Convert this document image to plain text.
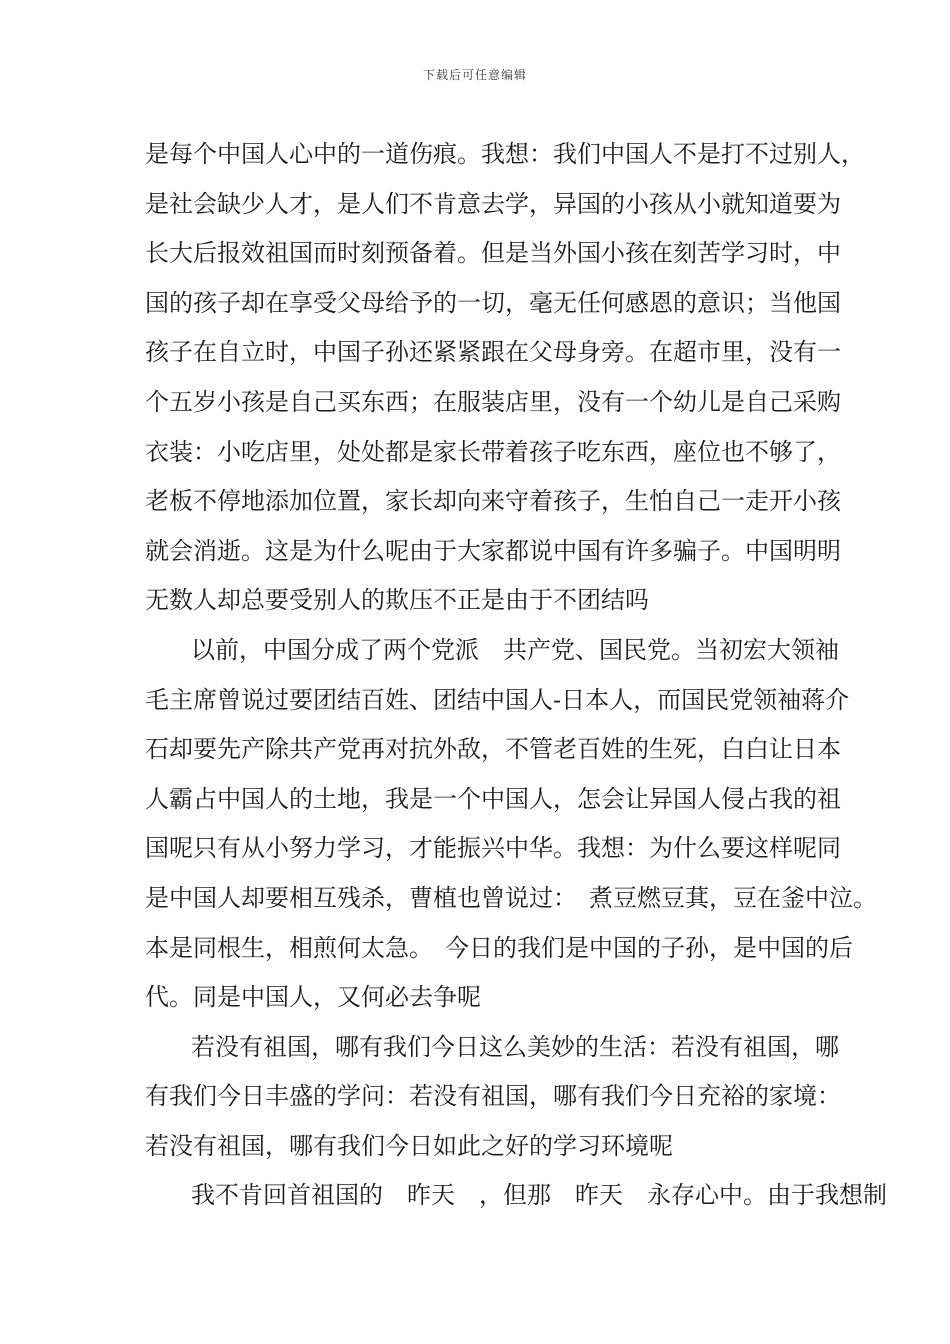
下载后可任意编辑
是每个中国人心中的一道伤痕。我想：我们中国人不是打不过别人，
是社会缺少人才，是人们不肯意去学，异国的小孩从小就知道要为
长大后报效祖国而时刻预备着。但是当外国小孩在刻苦学习时，中
国的孩子却在享受父母给予的一切，毫无任何感恩的意识；当他国
孩子在自立时，中国子孙还紧紧跟在父母身旁。在超市里，没有一
个五岁小孩是自己买东西；在服装店里，没有一个幼儿是自己采购
衣装：小吃店里，处处都是家长带着孩子吃东西，座位也不够了，
老板不停地添加位置，家长却向来守着孩子，生怕自己一走开小孩
就会消逝。这是为什么呢由于大家都说中国有许多骗子。中国明明
无数人却总要受别人的欺压不正是由于不团结吗
以前，中国分成了两个党派　共产党、国民党。当初宏大领袖
毛主席曾说过要团结百姓、团结中国人-日本人，而国民党领袖蒋介
石却要先产除共产党再对抗外敌，不管老百姓的生死，白白让日本
人霸占中国人的土地，我是一个中国人，怎会让异国人侵占我的祖
国呢只有从小努力学习，才能振兴中华。我想：为什么要这样呢同
是中国人却要相互残杀，曹植也曾说过：　煮豆燃豆萁，豆在釜中泣。
本是同根生，相煎何太急。　今日的我们是中国的子孙，是中国的后
代。同是中国人，又何必去争呢
若没有祖国，哪有我们今日这么美妙的生活：若没有祖国，哪
有我们今日丰盛的学问：若没有祖国，哪有我们今日充裕的家境：
若没有祖国，哪有我们今日如此之好的学习环境呢
我不肯回首祖国的　昨天　，但那　昨天　永存心中。由于我想制
